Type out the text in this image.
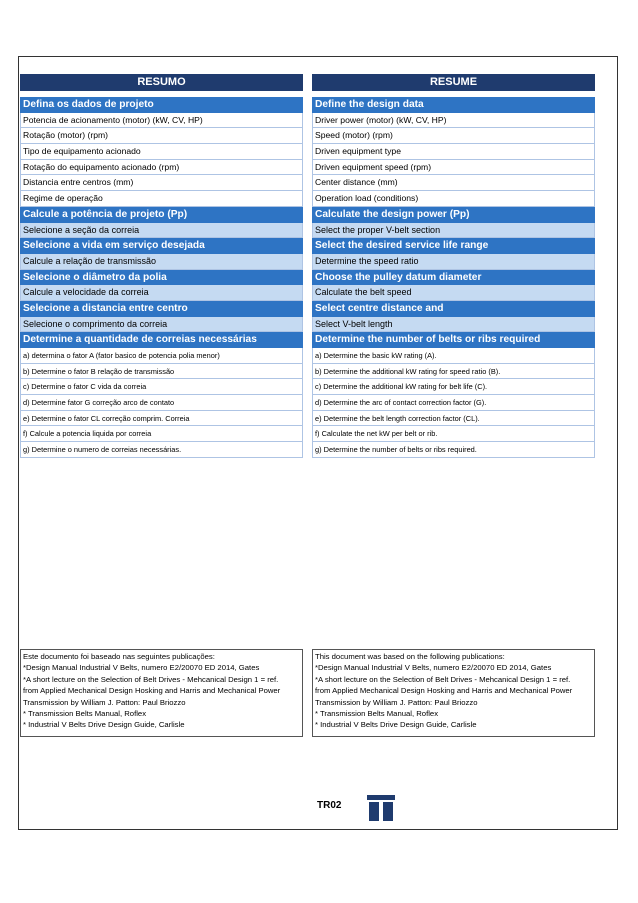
RESUMO
Defina os dados de projeto
Potencia de acionamento (motor) (kW, CV, HP)
Rotação (motor) (rpm)
Tipo de equipamento acionado
Rotação do equipamento acionado (rpm)
Distancia entre centros (mm)
Regime de operação
Calcule a potência de projeto (Pp)
Selecione a seção da correia
Selecione a vida em serviço desejada
Calcule a relação de transmissão
Selecione o diâmetro da polia
Calcule a velocidade da correia
Selecione a distancia entre centro
Selecione o comprimento da correia
Determine a quantidade de correias necessárias
a) determina o fator A (fator basico de potencia polia menor)
b) Determine o fator B relação de transmissão
c) Determine o fator C vida da correia
d) Determine fator G correção arco de contato
e) Determine o fator CL correção comprim. Correia
f) Calcule a potencia liquida por correia
g) Determine o numero de correias necessárias.
RESUME
Define the design data
Driver power (motor) (kW, CV, HP)
Speed (motor) (rpm)
Driven equipment type
Driven equipment speed (rpm)
Center distance (mm)
Operation load (conditions)
Calculate the design power (Pp)
Select the proper V-belt section
Select the desired service life range
Determine the speed ratio
Choose the pulley datum diameter
Calculate the belt speed
Select centre distance and
Select V-belt length
Determine the number of belts or ribs required
a) Determine the basic kW rating (A).
b) Determine the additional kW rating for speed ratio (B).
c) Determine the additional kW rating for belt life (C).
d) Determine the arc of contact correction factor (G).
e) Determine the belt length correction factor (CL).
f) Calculate the net kW per belt or rib.
g) Determine the number of belts or ribs required.
Este documento foi baseado nas seguintes publicações:
*Design Manual Industrial V Belts, numero E2/20070 ED 2014, Gates
*A short lecture on the Selection of Belt Drives - Mehcanical Design 1 = ref.
from Applied Mechanical Design Hosking and Harris and Mechanical Power
Transmission by William J. Patton: Paul Briozzo
* Transmission Belts Manual, Roflex
* Industrial V Belts Drive Design Guide, Carlisle
This document was based on the following publications:
*Design Manual Industrial V Belts, numero E2/20070 ED 2014, Gates
*A short lecture on the Selection of Belt Drives - Mehcanical Design 1 = ref.
from Applied Mechanical Design Hosking and Harris and Mechanical Power
Transmission by William J. Patton: Paul Briozzo
* Transmission Belts Manual, Roflex
* Industrial V Belts Drive Design Guide, Carlisle
TR02
